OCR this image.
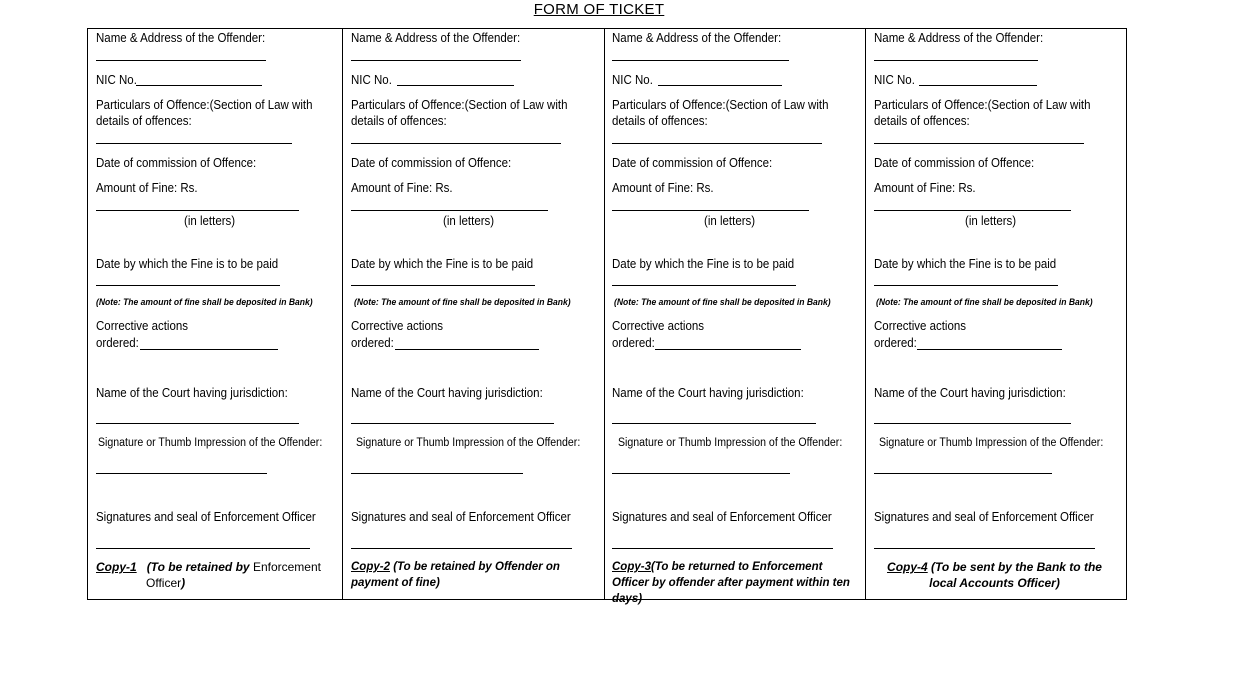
FORM OF TICKET
Name & Address of the Offender:
NIC No.
Particulars of Offence:(Section of Law with
details of offences:
Date of commission of Offence:
Amount of Fine: Rs.
(in letters)
Date by which the Fine is to be paid
(Note: The amount of fine shall be deposited in Bank)
Corrective actions
ordered:
Name of the Court having jurisdiction:
Signature or Thumb Impression of the Offender:
Signatures and seal of Enforcement Officer
Copy-1 (To be retained by Enforcement
Officer)
Name & Address of the Offender:
NIC No.
Particulars of Offence:(Section of Law with
details of offences:
Date of commission of Offence:
Amount of Fine: Rs.
(in letters)
Date by which the Fine is to be paid
(Note: The amount of fine shall be deposited in Bank)
Corrective actions
ordered:
Name of the Court having jurisdiction:
Signature or Thumb Impression of the Offender:
Signatures and seal of Enforcement Officer
Copy-2 (To be retained by Offender on payment of fine)
Name & Address of the Offender:
NIC No.
Particulars of Offence:(Section of Law with
details of offences:
Date of commission of Offence:
Amount of Fine: Rs.
(in letters)
Date by which the Fine is to be paid
(Note: The amount of fine shall be deposited in Bank)
Corrective actions
ordered:
Name of the Court having jurisdiction:
Signature or Thumb Impression of the Offender:
Signatures and seal of Enforcement Officer
Copy-3(To be returned to Enforcement Officer by offender after payment within ten days)
Name & Address of the Offender:
NIC No.
Particulars of Offence:(Section of Law with
details of offences:
Date of commission of Offence:
Amount of Fine: Rs.
(in letters)
Date by which the Fine is to be paid
(Note: The amount of fine shall be deposited in Bank)
Corrective actions
ordered:
Name of the Court having jurisdiction:
Signature or Thumb Impression of the Offender:
Signatures and seal of Enforcement Officer
Copy-4 (To be sent by the Bank to the local Accounts Officer)
